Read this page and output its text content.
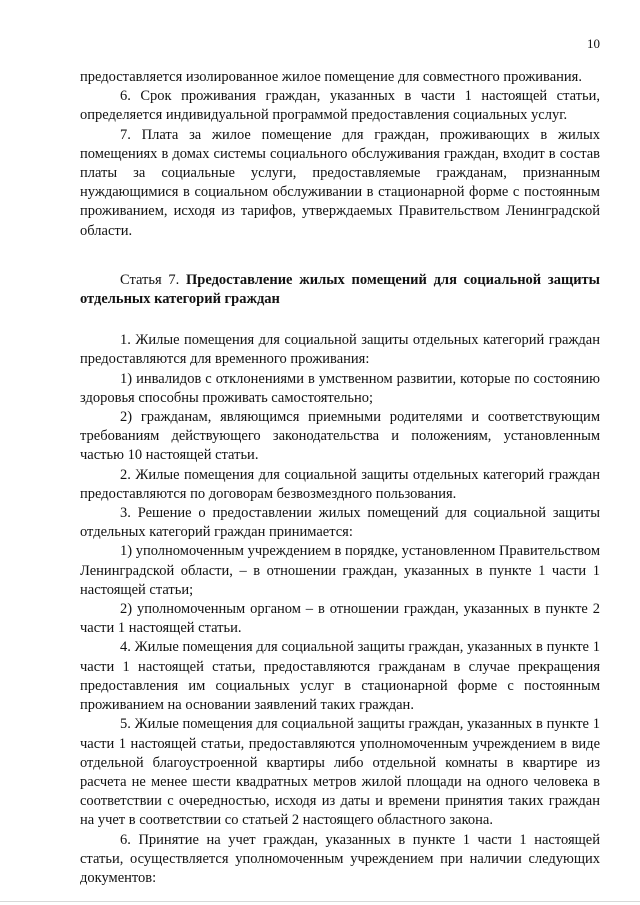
10

предоставляется изолированное жилое помещение для совместного проживания.

6. Срок проживания граждан, указанных в части 1 настоящей статьи, определяется индивидуальной программой предоставления социальных услуг.

7. Плата за жилое помещение для граждан, проживающих в жилых помещениях в домах системы социального обслуживания граждан, входит в состав платы за социальные услуги, предоставляемые гражданам, признанным нуждающимися в социальном обслуживании в стационарной форме с постоянным проживанием, исходя из тарифов, утверждаемых Правительством Ленинградской области.

Статья 7. Предоставление жилых помещений для социальной защиты отдельных категорий граждан

1. Жилые помещения для социальной защиты отдельных категорий граждан предоставляются для временного проживания:

1) инвалидов с отклонениями в умственном развитии, которые по состоянию здоровья способны проживать самостоятельно;

2) гражданам, являющимся приемными родителями и соответствующим требованиям действующего законодательства и положениям, установленным частью 10 настоящей статьи.

2. Жилые помещения для социальной защиты отдельных категорий граждан предоставляются по договорам безвозмездного пользования.

3. Решение о предоставлении жилых помещений для социальной защиты отдельных категорий граждан принимается:

1) уполномоченным учреждением в порядке, установленном Правительством Ленинградской области, – в отношении граждан, указанных в пункте 1 части 1 настоящей статьи;

2) уполномоченным органом – в отношении граждан, указанных в пункте 2 части 1 настоящей статьи.

4. Жилые помещения для социальной защиты граждан, указанных в пункте 1 части 1 настоящей статьи, предоставляются гражданам в случае прекращения предоставления им социальных услуг в стационарной форме с постоянным проживанием на основании заявлений таких граждан.

5. Жилые помещения для социальной защиты граждан, указанных в пункте 1 части 1 настоящей статьи, предоставляются уполномоченным учреждением в виде отдельной благоустроенной квартиры либо отдельной комнаты в квартире из расчета не менее шести квадратных метров жилой площади на одного человека в соответствии с очередностью, исходя из даты и времени принятия таких граждан на учет в соответствии со статьей 2 настоящего областного закона.

6. Принятие на учет граждан, указанных в пункте 1 части 1 настоящей статьи, осуществляется уполномоченным учреждением при наличии следующих документов:
